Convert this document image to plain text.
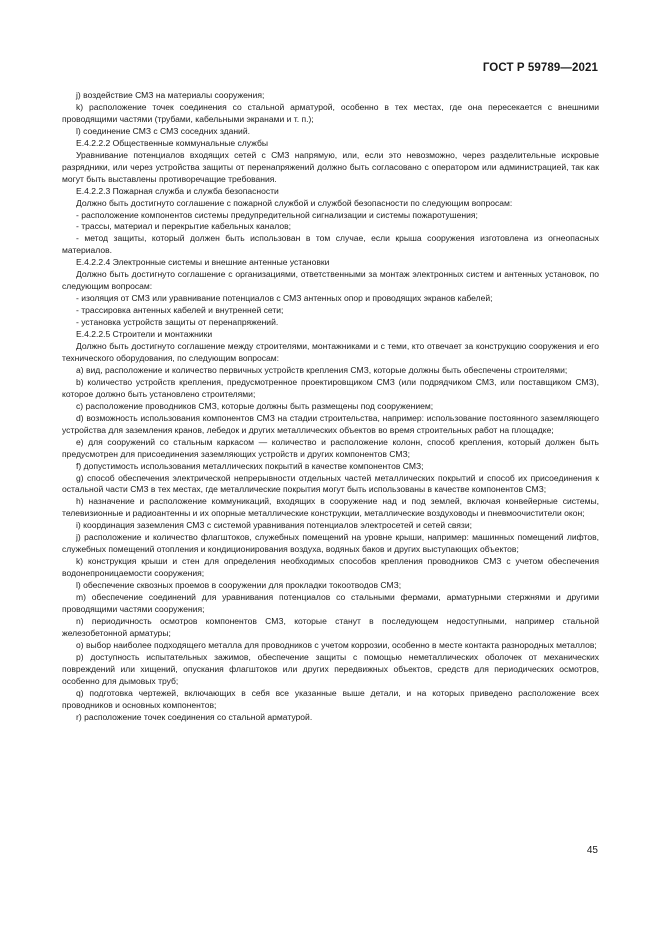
ГОСТ Р 59789—2021

j) воздействие СМЗ на материалы сооружения;

k) расположение точек соединения со стальной арматурой, особенно в тех местах, где она пересекается с внешними проводящими частями (трубами, кабельными экранами и т. п.);

l) соединение СМЗ с СМЗ соседних зданий.

Е.4.2.2.2 Общественные коммунальные службы

Уравнивание потенциалов входящих сетей с СМЗ напрямую, или, если это невозможно, через разделительные искровые разрядники, или через устройства защиты от перенапряжений должно быть согласовано с оператором или администрацией, так как могут быть выставлены противоречащие требования.

Е.4.2.2.3 Пожарная служба и служба безопасности

Должно быть достигнуто соглашение с пожарной службой и службой безопасности по следующим вопросам:

- расположение компонентов системы предупредительной сигнализации и системы пожаротушения;

- трассы, материал и перекрытие кабельных каналов;

- метод защиты, который должен быть использован в том случае, если крыша сооружения изготовлена из огнеопасных материалов.

Е.4.2.2.4 Электронные системы и внешние антенные установки

Должно быть достигнуто соглашение с организациями, ответственными за монтаж электронных систем и антенных установок, по следующим вопросам:

- изоляция от СМЗ или уравнивание потенциалов с СМЗ антенных опор и проводящих экранов кабелей;

- трассировка антенных кабелей и внутренней сети;

- установка устройств защиты от перенапряжений.

Е.4.2.2.5 Строители и монтажники

Должно быть достигнуто соглашение между строителями, монтажниками и с теми, кто отвечает за конструкцию сооружения и его технического оборудования, по следующим вопросам:

a) вид, расположение и количество первичных устройств крепления СМЗ, которые должны быть обеспечены строителями;

b) количество устройств крепления, предусмотренное проектировщиком СМЗ (или подрядчиком СМЗ, или поставщиком СМЗ), которое должно быть установлено строителями;

c) расположение проводников СМЗ, которые должны быть размещены под сооружением;

d) возможность использования компонентов СМЗ на стадии строительства, например: использование постоянного заземляющего устройства для заземления кранов, лебедок и других металлических объектов во время строительных работ на площадке;

e) для сооружений со стальным каркасом — количество и расположение колонн, способ крепления, который должен быть предусмотрен для присоединения заземляющих устройств и других компонентов СМЗ;

f) допустимость использования металлических покрытий в качестве компонентов СМЗ;

g) способ обеспечения электрической непрерывности отдельных частей металлических покрытий и способ их присоединения к остальной части СМЗ в тех местах, где металлические покрытия могут быть использованы в качестве компонентов СМЗ;

h) назначение и расположение коммуникаций, входящих в сооружение над и под землей, включая конвейерные системы, телевизионные и радиоантенны и их опорные металлические конструкции, металлические воздуховоды и пневмоочистители окон;

i) координация заземления СМЗ с системой уравнивания потенциалов электросетей и сетей связи;

j) расположение и количество флагштоков, служебных помещений на уровне крыши, например: машинных помещений лифтов, служебных помещений отопления и кондиционирования воздуха, водяных баков и других выступающих объектов;

k) конструкция крыши и стен для определения необходимых способов крепления проводников СМЗ с учетом обеспечения водонепроницаемости сооружения;

l) обеспечение сквозных проемов в сооружении для прокладки токоотводов СМЗ;

m) обеспечение соединений для уравнивания потенциалов со стальными фермами, арматурными стержнями и другими проводящими частями сооружения;

n) периодичность осмотров компонентов СМЗ, которые станут в последующем недоступными, например стальной железобетонной арматуры;

o) выбор наиболее подходящего металла для проводников с учетом коррозии, особенно в месте контакта разнородных металлов;

p) доступность испытательных зажимов, обеспечение защиты с помощью неметаллических оболочек от механических повреждений или хищений, опускания флагштоков или других передвижных объектов, средств для периодических осмотров, особенно для дымовых труб;

q) подготовка чертежей, включающих в себя все указанные выше детали, и на которых приведено расположение всех проводников и основных компонентов;

r) расположение точек соединения со стальной арматурой.

45
